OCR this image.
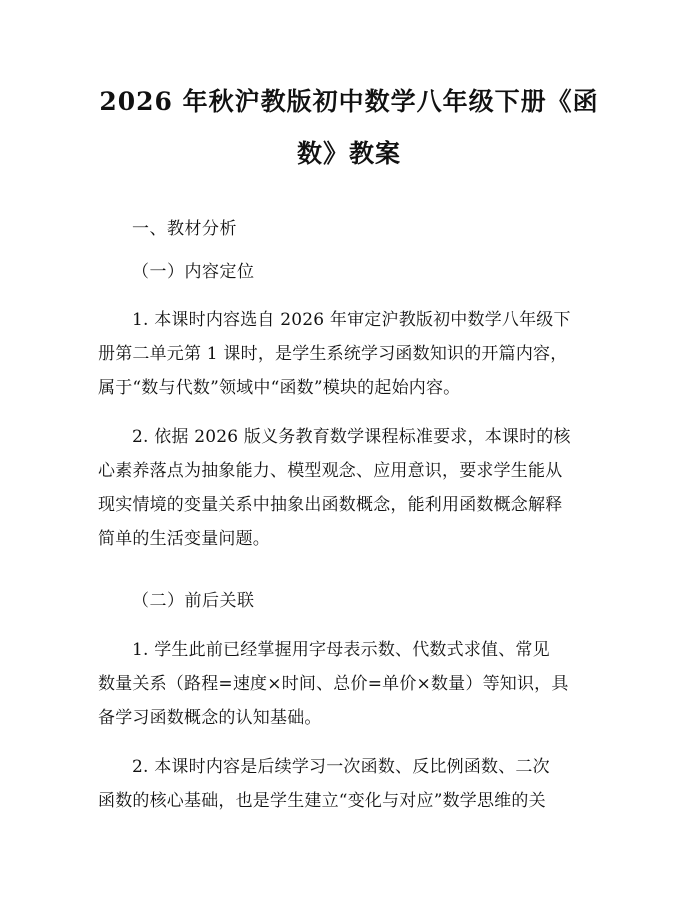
2026 年秋沪教版初中数学八年级下册《函
数》教案

一、教材分析

（一）内容定位

1. 本课时内容选自 2026 年审定沪教版初中数学八年级下
册第二单元第 1 课时，是学生系统学习函数知识的开篇内容，
属于“数与代数”领域中“函数”模块的起始内容。

2. 依据 2026 版义务教育数学课程标准要求，本课时的核
心素养落点为抽象能力、模型观念、应用意识，要求学生能从
现实情境的变量关系中抽象出函数概念，能利用函数概念解释
简单的生活变量问题。

（二）前后关联

1. 学生此前已经掌握用字母表示数、代数式求值、常见
数量关系（路程=速度×时间、总价=单价×数量）等知识，具
备学习函数概念的认知基础。

2. 本课时内容是后续学习一次函数、反比例函数、二次
函数的核心基础，也是学生建立“变化与对应”数学思维的关
